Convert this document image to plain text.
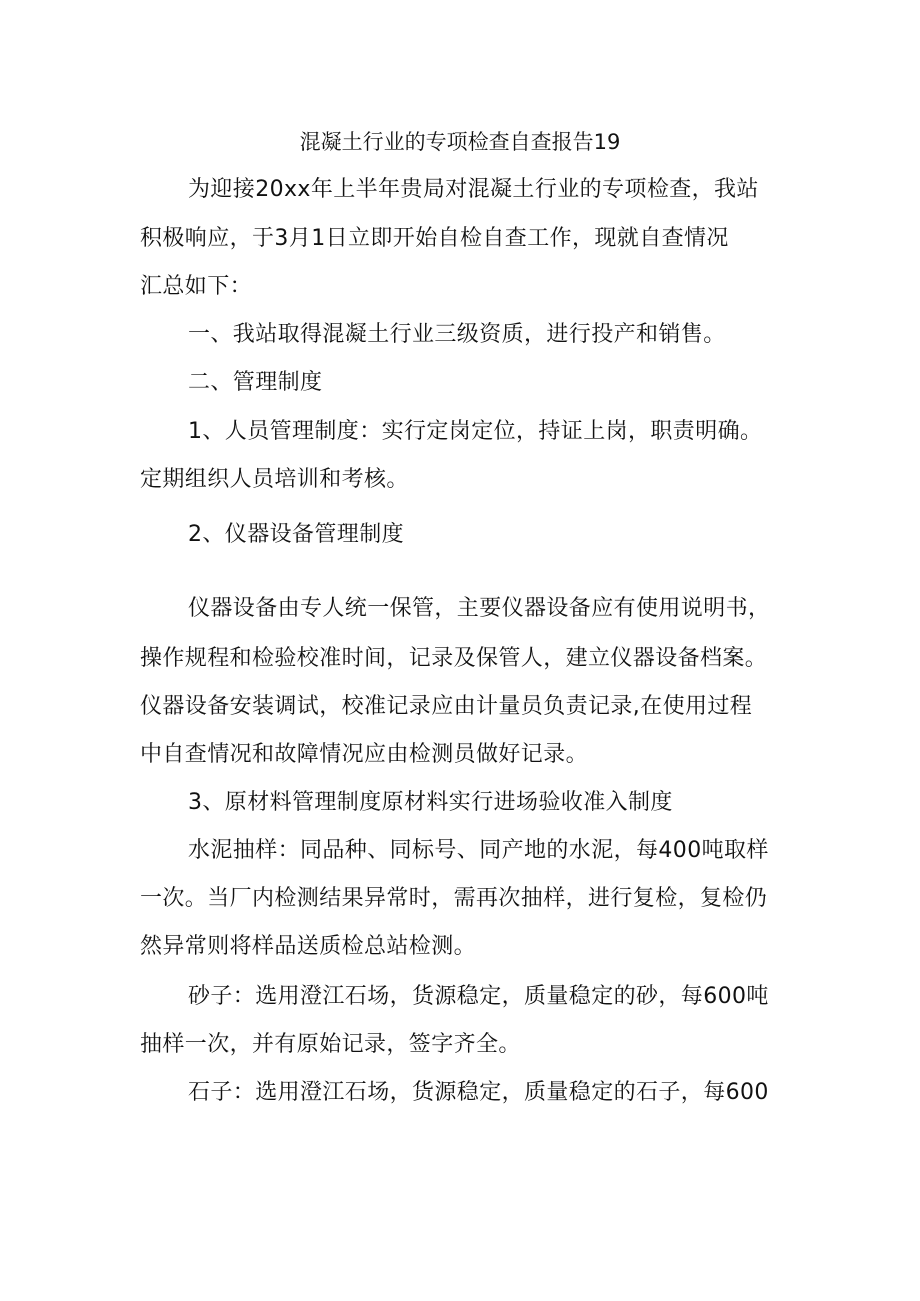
混凝土行业的专项检查自查报告19
为迎接20xx年上半年贵局对混凝土行业的专项检查，我站
积极响应，于3月1日立即开始自检自查工作，现就自查情况
汇总如下：
一、我站取得混凝土行业三级资质，进行投产和销售。
二、管理制度
1、人员管理制度：实行定岗定位，持证上岗，职责明确。
定期组织人员培训和考核。
2、仪器设备管理制度
仪器设备由专人统一保管，主要仪器设备应有使用说明书，
操作规程和检验校准时间，记录及保管人，建立仪器设备档案。
仪器设备安装调试，校准记录应由计量员负责记录,在使用过程
中自查情况和故障情况应由检测员做好记录。
3、原材料管理制度原材料实行进场验收准入制度
水泥抽样：同品种、同标号、同产地的水泥，每400吨取样
一次。当厂内检测结果异常时，需再次抽样，进行复检，复检仍
然异常则将样品送质检总站检测。
砂子：选用澄江石场，货源稳定，质量稳定的砂，每600吨
抽样一次，并有原始记录，签字齐全。
石子：选用澄江石场，货源稳定，质量稳定的石子，每600
